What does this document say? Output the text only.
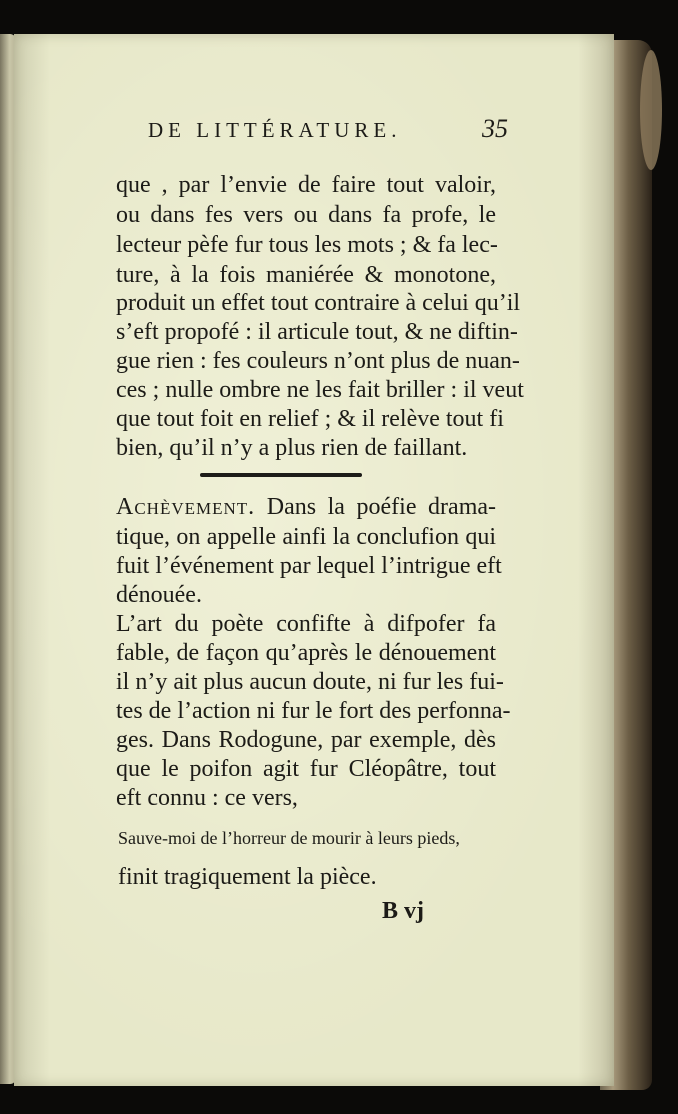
DE LITTÉRATURE.	35
que , par l’envie de faire tout valoir,
ou dans fes vers ou dans fa profe, le
lecteur pèfe fur tous les mots ; & fa lec-
ture, à la fois maniérée & monotone,
produit un effet tout contraire à celui qu’il
s’eft propofé : il articule tout, & ne diftin-
gue rien : fes couleurs n’ont plus de nuan-
ces ; nulle ombre ne les fait briller : il veut
que tout foit en relief ; & il relève tout fi
bien, qu’il n’y a plus rien de faillant.
Achèvement. Dans la poéfie drama-
tique, on appelle ainfi la conclufion qui
fuit l’événement par lequel l’intrigue eft
dénouée.
L’art du poète confifte à difpofer fa
fable, de façon qu’après le dénouement
il n’y ait plus aucun doute, ni fur les fui-
tes de l’action ni fur le fort des perfonna-
ges. Dans Rodogune, par exemple, dès
que le poifon agit fur Cléopâtre, tout
eft connu : ce vers,
Sauve-moi de l’horreur de mourir à leurs pieds,
finit tragiquement la pièce.
B vj
